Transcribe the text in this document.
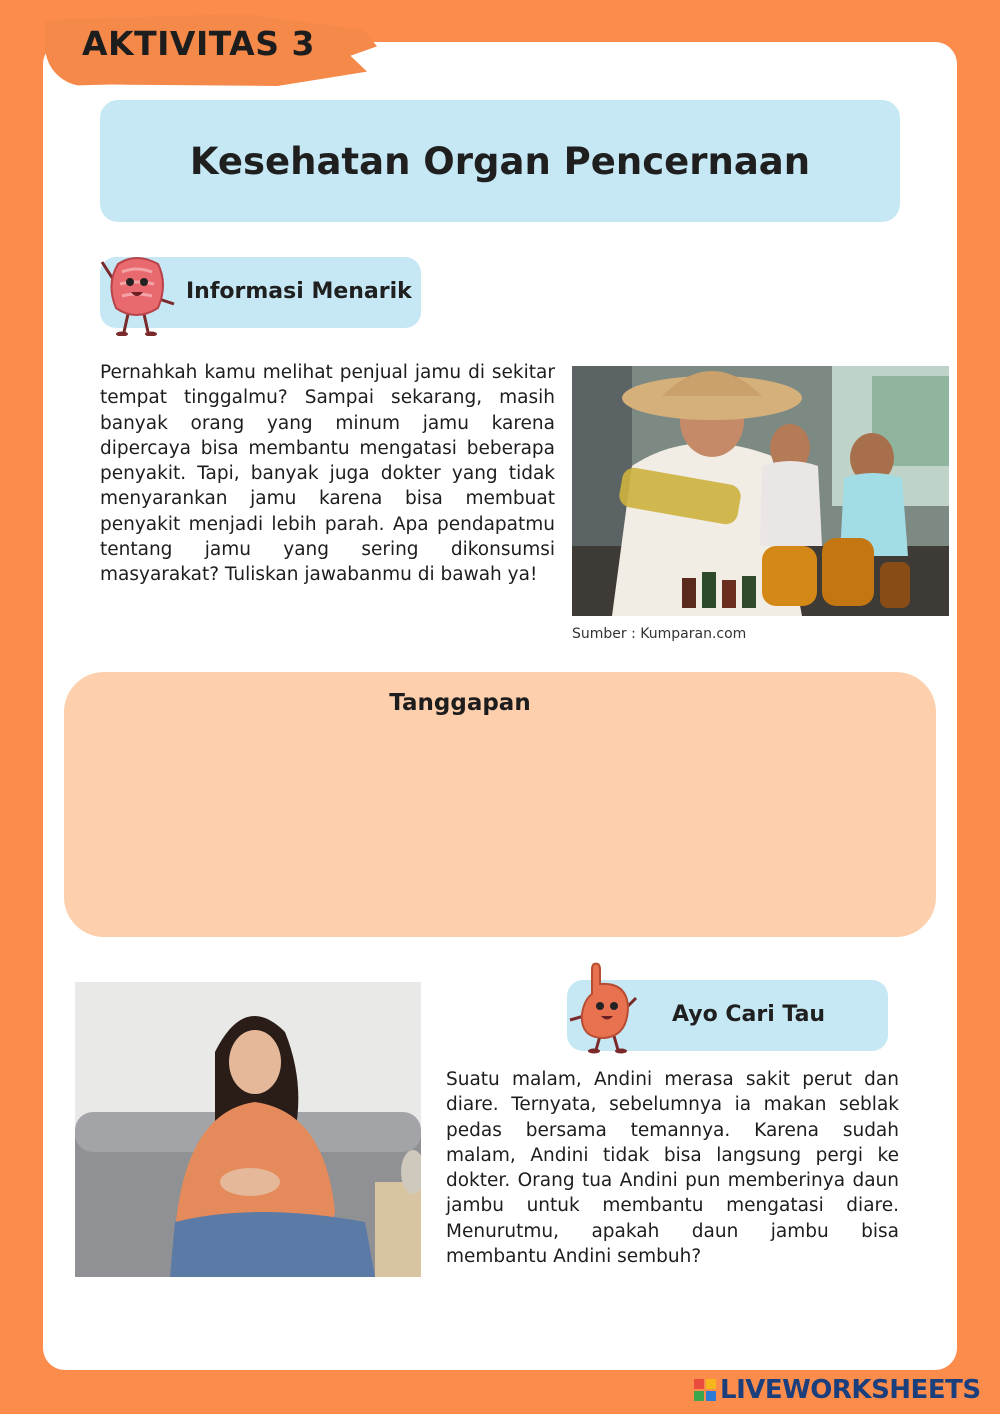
AKTIVITAS 3
Kesehatan Organ Pencernaan
Informasi Menarik

Pernahkah kamu melihat penjual jamu di sekitar tempat tinggalmu? Sampai sekarang, masih banyak orang yang minum jamu karena dipercaya bisa membantu mengatasi beberapa penyakit. Tapi, banyak juga dokter yang tidak menyarankan jamu karena bisa membuat penyakit menjadi lebih parah. Apa pendapatmu tentang jamu yang sering dikonsumsi masyarakat? Tuliskan jawabanmu di bawah ya!

Sumber : Kumparan.com
Tanggapan
Ayo Cari Tau

Suatu malam, Andini merasa sakit perut dan diare. Ternyata, sebelumnya ia makan seblak pedas bersama temannya. Karena sudah malam, Andini tidak bisa langsung pergi ke dokter. Orang tua Andini pun memberinya daun jambu untuk membantu mengatasi diare. Menurutmu, apakah daun jambu bisa membantu Andini sembuh?

LIVEWORKSHEETS
